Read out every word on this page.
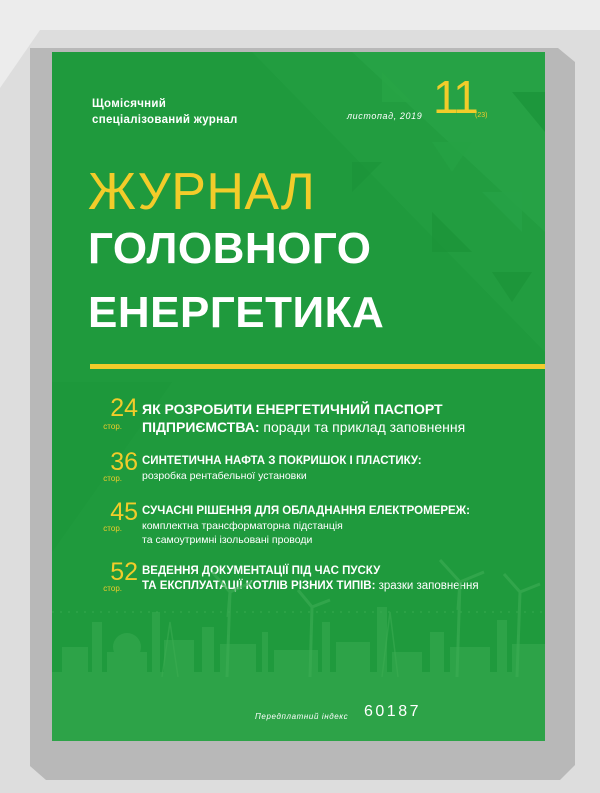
Щомісячний
спеціалізований журнал	листопад, 2019 11

(23)

ЖУРНАЛ

ГОЛОВНОГО

ЕНЕРГЕТИКА

24
стор.
ЯК РОЗРОБИТИ ЕНЕРГЕТИЧНИЙ ПАСПОРТ
ПІДПРИЄМСТВА: поради та приклад заповнення
36
стор.
СИНТЕТИЧНА НАФТА З ПОКРИШОК І ПЛАСТИКУ:
розробка рентабельної установки
45
стор.
СУЧАСНІ РІШЕННЯ ДЛЯ ОБЛАДНАННЯ ЕЛЕКТРОМЕРЕЖ:
комплектна трансформаторна підстанція
та самоутримні ізольовані проводи
52
стор.
ВЕДЕННЯ ДОКУМЕНТАЦІЇ ПІД ЧАС ПУСКУ
ТА ЕКСПЛУАТАЦІЇ КОТЛІВ РІЗНИХ ТИПІВ: зразки заповнення

Передплатний індекс 60187
